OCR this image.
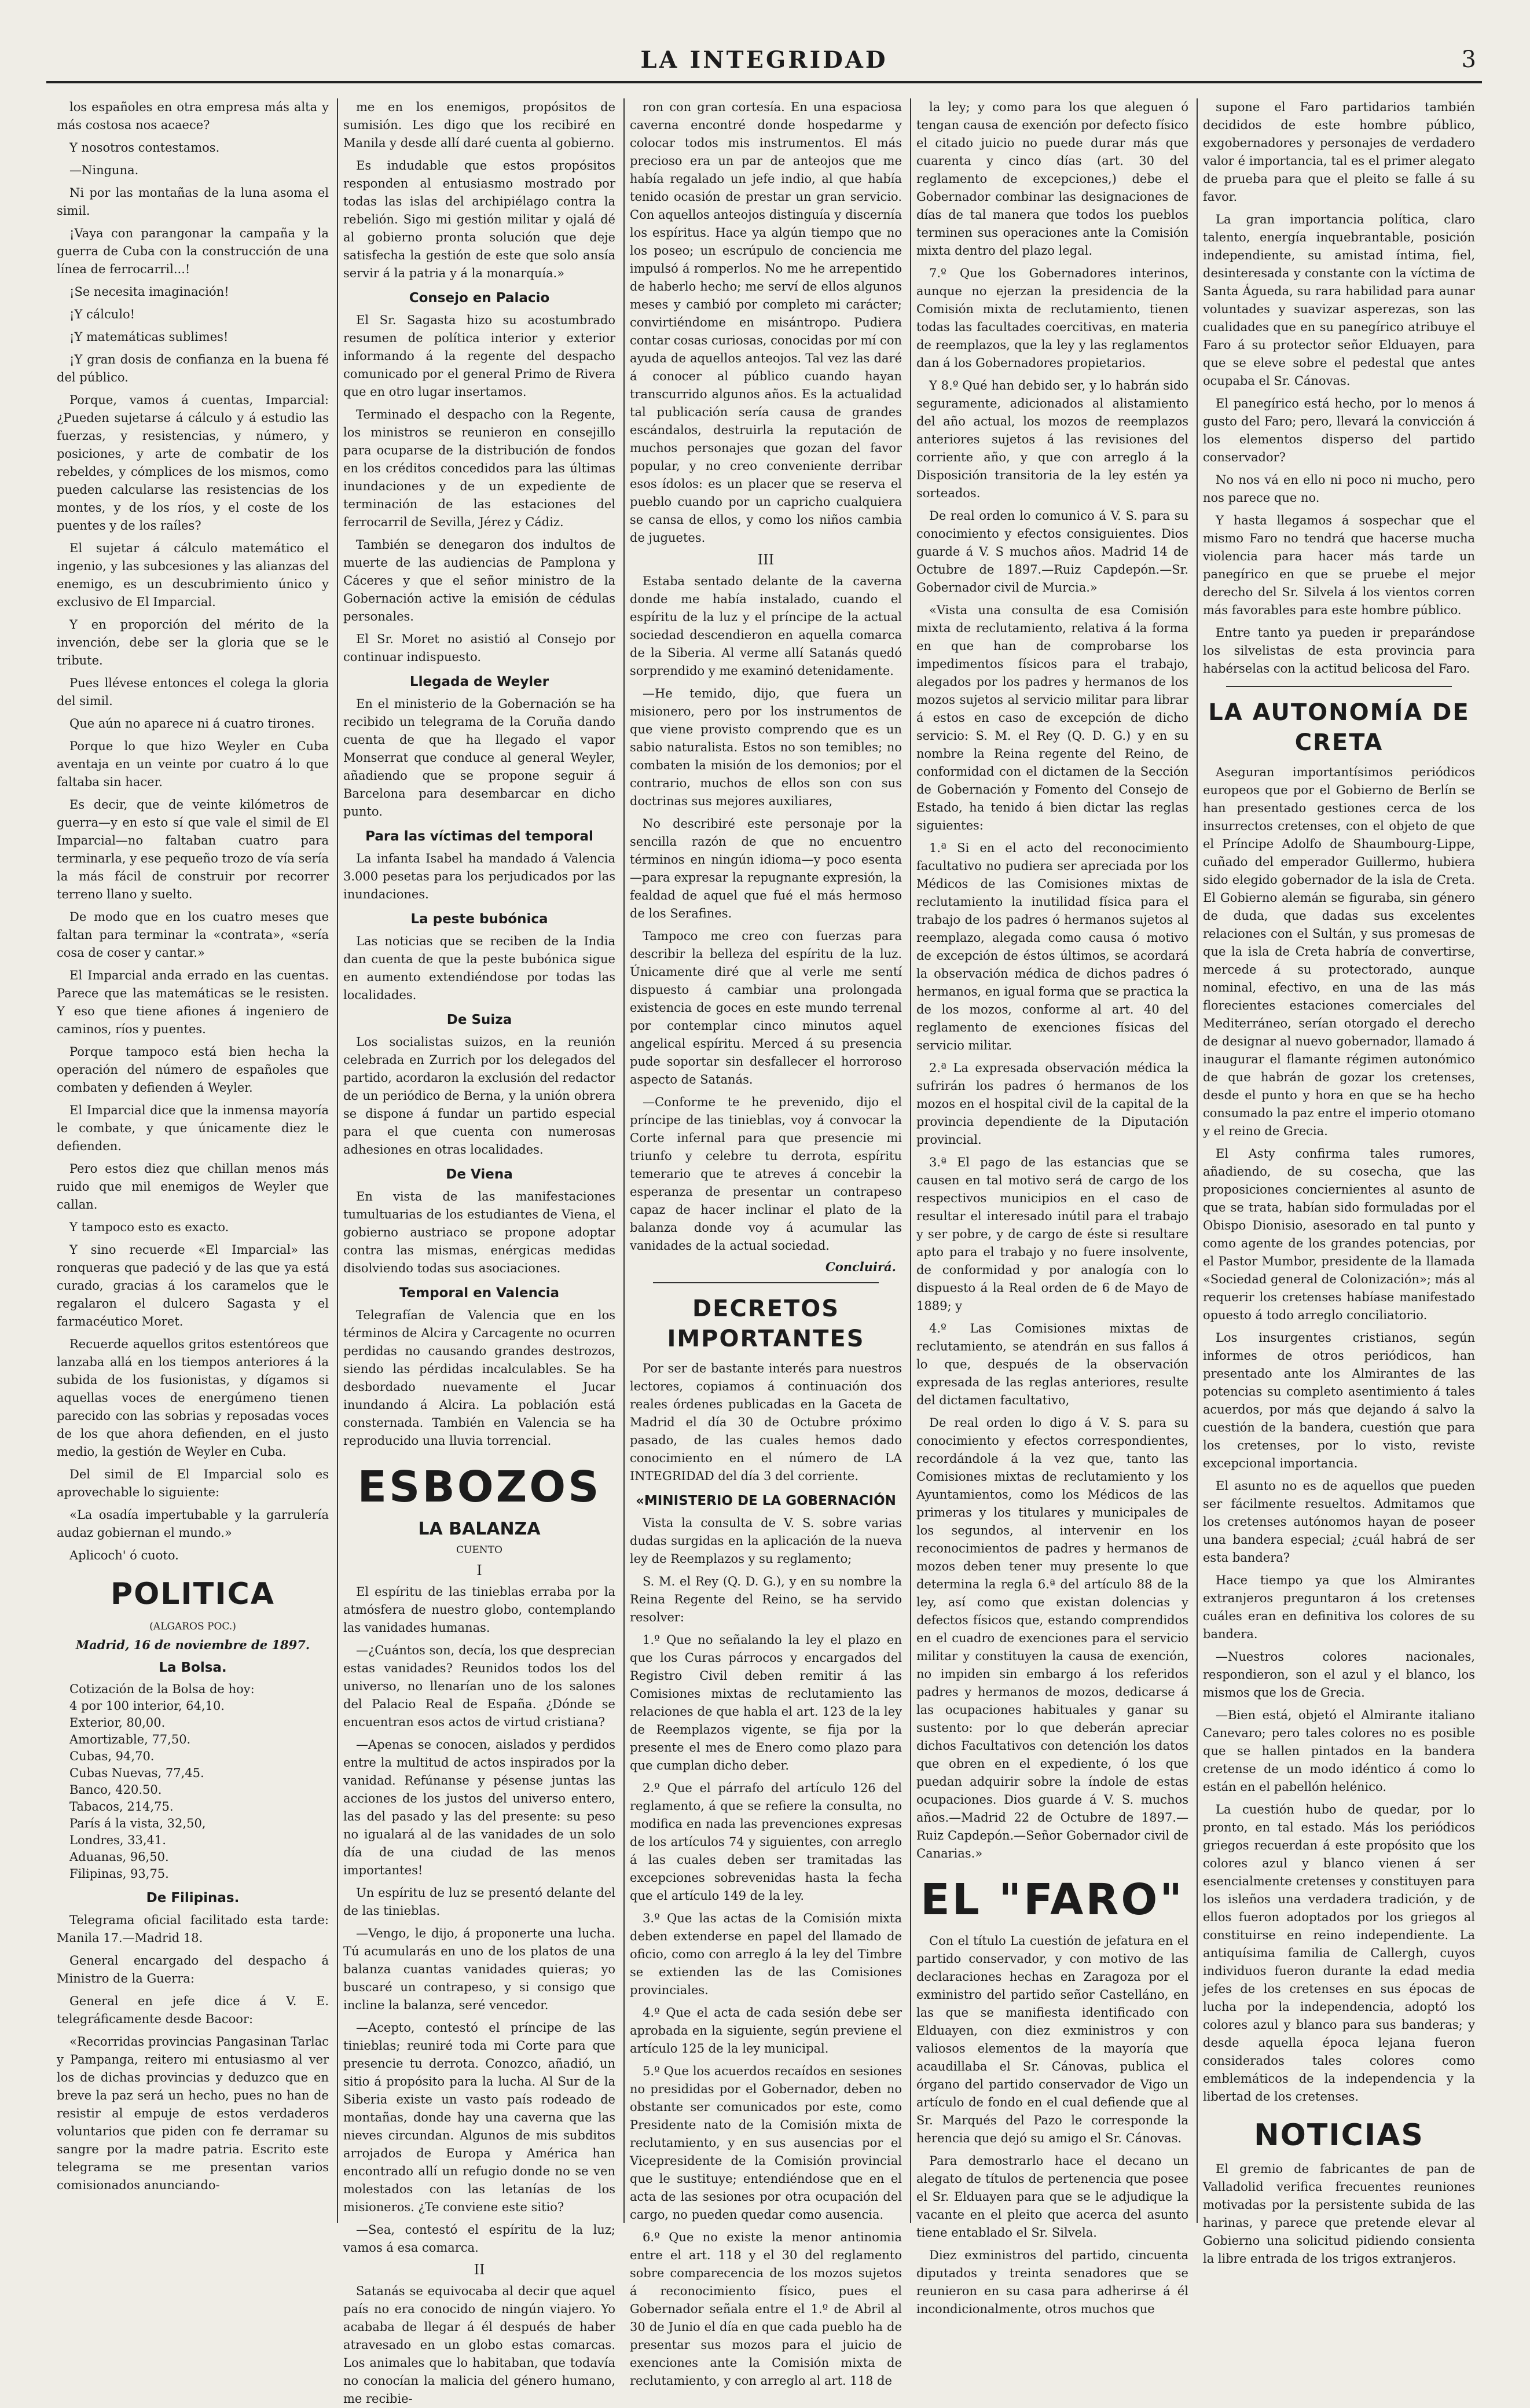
LA INTEGRIDAD	3

los españoles en otra empresa más alta y más costosa nos acaece?

Y nosotros contestamos.

—Ninguna.

Ni por las montañas de la luna asoma el simil.

¡Vaya con parangonar la campaña y la guerra de Cuba con la construcción de una línea de ferrocarril...!

¡Se necesita imaginación!

¡Y cálculo!

¡Y matemáticas sublimes!

¡Y gran dosis de confianza en la buena fé del público.

Porque, vamos á cuentas, Imparcial: ¿Pueden sujetarse á cálculo y á estudio las fuerzas, y resistencias, y número, y posiciones, y arte de combatir de los rebeldes, y cómplices de los mismos, como pueden calcularse las resistencias de los montes, y de los ríos, y el coste de los puentes y de los raíles?

El sujetar á cálculo matemático el ingenio, y las subcesiones y las alianzas del enemigo, es un descubrimiento único y exclusivo de El Imparcial.

Y en proporción del mérito de la invención, debe ser la gloria que se le tribute.

Pues llévese entonces el colega la gloria del simil.

Que aún no aparece ni á cuatro tirones.

Porque lo que hizo Weyler en Cuba aventaja en un veinte por cuatro á lo que faltaba sin hacer.

Es decir, que de veinte kilómetros de guerra—y en esto sí que vale el simil de El Imparcial—no faltaban cuatro para terminarla, y ese pequeño trozo de vía sería la más fácil de construir por recorrer terreno llano y suelto.

De modo que en los cuatro meses que faltan para terminar la «contrata», «sería cosa de coser y cantar.»

El Imparcial anda errado en las cuentas. Parece que las matemáticas se le resisten. Y eso que tiene afiones á ingeniero de caminos, ríos y puentes.

Porque tampoco está bien hecha la operación del número de españoles que combaten y defienden á Weyler.

El Imparcial dice que la inmensa mayoría le combate, y que únicamente diez le defienden.

Pero estos diez que chillan menos más ruido que mil enemigos de Weyler que callan.

Y tampoco esto es exacto.

Y sino recuerde «El Imparcial» las ronqueras que padeció y de las que ya está curado, gracias á los caramelos que le regalaron el dulcero Sagasta y el farmacéutico Moret.

Recuerde aquellos gritos estentóreos que lanzaba allá en los tiempos anteriores á la subida de los fusionistas, y dígamos si aquellas voces de energúmeno tienen parecido con las sobrias y reposadas voces de los que ahora defienden, en el justo medio, la gestión de Weyler en Cuba.

Del simil de El Imparcial solo es aprovechable lo siguiente:

«La osadía impertubable y la garrulería audaz gobiernan el mundo.»

Aplicoch' ó cuoto.

POLITICA
(ALGAROS POC.)
Madrid, 16 de noviembre de 1897.
La Bolsa.
Cotización de la Bolsa de hoy:
4 por 100 interior, 64,10.
Exterior, 80,00.
Amortizable, 77,50.
Cubas, 94,70.
Cubas Nuevas, 77,45.
Banco, 420.50.
Tabacos, 214,75.
París á la vista, 32,50,
Londres, 33,41.
Aduanas, 96,50.
Filipinas, 93,75.
De Filipinas.

Telegrama oficial facilitado esta tarde: Manila 17.—Madrid 18.

General encargado del despacho á Ministro de la Guerra:

General en jefe dice á V. E. telegráficamente desde Bacoor:

«Recorridas provincias Pangasinan Tarlac y Pampanga, reitero mi entusiasmo al ver los de dichas provincias y deduzco que en breve la paz será un hecho, pues no han de resistir al empuje de estos verdaderos voluntarios que piden con fe derramar su sangre por la madre patria. Escrito este telegrama se me presentan varios comisionados anunciando-

me en los enemigos, propósitos de sumisión. Les digo que los recibiré en Manila y desde allí daré cuenta al gobierno.

Es indudable que estos propósitos responden al entusiasmo mostrado por todas las islas del archipiélago contra la rebelión. Sigo mi gestión militar y ojalá dé al gobierno pronta solución que deje satisfecha la gestión de este que solo ansía servir á la patria y á la monarquía.»

Consejo en Palacio

El Sr. Sagasta hizo su acostumbrado resumen de política interior y exterior informando á la regente del despacho comunicado por el general Primo de Rivera que en otro lugar insertamos.

Terminado el despacho con la Regente, los ministros se reunieron en consejillo para ocuparse de la distribución de fondos en los créditos concedidos para las últimas inundaciones y de un expediente de terminación de las estaciones del ferrocarril de Sevilla, Jérez y Cádiz.

También se denegaron dos indultos de muerte de las audiencias de Pamplona y Cáceres y que el señor ministro de la Gobernación active la emisión de cédulas personales.

El Sr. Moret no asistió al Consejo por continuar indispuesto.

Llegada de Weyler

En el ministerio de la Gobernación se ha recibido un telegrama de la Coruña dando cuenta de que ha llegado el vapor Monserrat que conduce al general Weyler, añadiendo que se propone seguir á Barcelona para desembarcar en dicho punto.

Para las víctimas del temporal

La infanta Isabel ha mandado á Valencia 3.000 pesetas para los perjudicados por las inundaciones.

La peste bubónica

Las noticias que se reciben de la India dan cuenta de que la peste bubónica sigue en aumento extendiéndose por todas las localidades.

De Suiza

Los socialistas suizos, en la reunión celebrada en Zurrich por los delegados del partido, acordaron la exclusión del redactor de un periódico de Berna, y la unión obrera se dispone á fundar un partido especial para el que cuenta con numerosas adhesiones en otras localidades.

De Viena

En vista de las manifestaciones tumultuarias de los estudiantes de Viena, el gobierno austriaco se propone adoptar contra las mismas, enérgicas medidas disolviendo todas sus asociaciones.

Temporal en Valencia

Telegrafían de Valencia que en los términos de Alcira y Carcagente no ocurren perdidas no causando grandes destrozos, siendo las pérdidas incalculables. Se ha desbordado nuevamente el Jucar inundando á Alcira. La población está consternada. También en Valencia se ha reproducido una lluvia torrencial.

ESBOZOS
LA BALANZA
CUENTO
I

El espíritu de las tinieblas erraba por la atmósfera de nuestro globo, contemplando las vanidades humanas.

—¿Cuántos son, decía, los que desprecian estas vanidades? Reunidos todos los del universo, no llenarían uno de los salones del Palacio Real de España. ¿Dónde se encuentran esos actos de virtud cristiana?

—Apenas se conocen, aislados y perdidos entre la multitud de actos inspirados por la vanidad. Refúnanse y pésense juntas las acciones de los justos del universo entero, las del pasado y las del presente: su peso no igualará al de las vanidades de un solo día de una ciudad de las menos importantes!

Un espíritu de luz se presentó delante del de las tinieblas.

—Vengo, le dijo, á proponerte una lucha. Tú acumularás en uno de los platos de una balanza cuantas vanidades quieras; yo buscaré un contrapeso, y si consigo que incline la balanza, seré vencedor.

—Acepto, contestó el príncipe de las tinieblas; reuniré toda mi Corte para que presencie tu derrota. Conozco, añadió, un sitio á propósito para la lucha. Al Sur de la Siberia existe un vasto país rodeado de montañas, donde hay una caverna que las nieves circundan. Algunos de mis subditos arrojados de Europa y América han encontrado allí un refugio donde no se ven molestados con las letanías de los misioneros. ¿Te conviene este sitio?

—Sea, contestó el espíritu de la luz; vamos á esa comarca.

II

Satanás se equivocaba al decir que aquel país no era conocido de ningún viajero. Yo acababa de llegar á él después de haber atravesado en un globo estas comarcas. Los animales que lo habitaban, que todavía no conocían la malicia del género humano, me recibie-

ron con gran cortesía. En una espaciosa caverna encontré donde hospedarme y colocar todos mis instrumentos. El más precioso era un par de anteojos que me había regalado un jefe indio, al que había tenido ocasión de prestar un gran servicio. Con aquellos anteojos distinguía y discernía los espíritus. Hace ya algún tiempo que no los poseo; un escrúpulo de conciencia me impulsó á romperlos. No me he arrepentido de haberlo hecho; me serví de ellos algunos meses y cambió por completo mi carácter; convirtiéndome en misántropo. Pudiera contar cosas curiosas, conocidas por mí con ayuda de aquellos anteojos. Tal vez las daré á conocer al público cuando hayan transcurrido algunos años. Es la actualidad tal publicación sería causa de grandes escándalos, destruirla la reputación de muchos personajes que gozan del favor popular, y no creo conveniente derribar esos ídolos: es un placer que se reserva el pueblo cuando por un capricho cualquiera se cansa de ellos, y como los niños cambia de juguetes.

III

Estaba sentado delante de la caverna donde me había instalado, cuando el espíritu de la luz y el príncipe de la actual sociedad descendieron en aquella comarca de la Siberia. Al verme allí Satanás quedó sorprendido y me examinó detenidamente.

—He temido, dijo, que fuera un misionero, pero por los instrumentos de que viene provisto comprendo que es un sabio naturalista. Estos no son temibles; no combaten la misión de los demonios; por el contrario, muchos de ellos son con sus doctrinas sus mejores auxiliares,

No describiré este personaje por la sencilla razón de que no encuentro términos en ningún idioma—y poco esenta—para expresar la repugnante expresión, la fealdad de aquel que fué el más hermoso de los Serafines.

Tampoco me creo con fuerzas para describir la belleza del espíritu de la luz. Únicamente diré que al verle me sentí dispuesto á cambiar una prolongada existencia de goces en este mundo terrenal por contemplar cinco minutos aquel angelical espíritu. Merced á su presencia pude soportar sin desfallecer el horroroso aspecto de Satanás.

—Conforme te he prevenido, dijo el príncipe de las tinieblas, voy á convocar la Corte infernal para que presencie mi triunfo y celebre tu derrota, espíritu temerario que te atreves á concebir la esperanza de presentar un contrapeso capaz de hacer inclinar el plato de la balanza donde voy á acumular las vanidades de la actual sociedad.

Concluirá.
DECRETOS IMPORTANTES

Por ser de bastante interés para nuestros lectores, copiamos á continuación dos reales órdenes publicadas en la Gaceta de Madrid el día 30 de Octubre próximo pasado, de las cuales hemos dado conocimiento en el número de LA INTEGRIDAD del día 3 del corriente.

«MINISTERIO DE LA GOBERNACIÓN

Vista la consulta de V. S. sobre varias dudas surgidas en la aplicación de la nueva ley de Reemplazos y su reglamento;

S. M. el Rey (Q. D. G.), y en su nombre la Reina Regente del Reino, se ha servido resolver:

1.º Que no señalando la ley el plazo en que los Curas párrocos y encargados del Registro Civil deben remitir á las Comisiones mixtas de reclutamiento las relaciones de que habla el art. 123 de la ley de Reemplazos vigente, se fija por la presente el mes de Enero como plazo para que cumplan dicho deber.

2.º Que el párrafo del artículo 126 del reglamento, á que se refiere la consulta, no modifica en nada las prevenciones expresas de los artículos 74 y siguientes, con arreglo á las cuales deben ser tramitadas las excepciones sobrevenidas hasta la fecha que el artículo 149 de la ley.

3.º Que las actas de la Comisión mixta deben extenderse en papel del llamado de oficio, como con arreglo á la ley del Timbre se extienden las de las Comisiones provinciales.

4.º Que el acta de cada sesión debe ser aprobada en la siguiente, según previene el artículo 125 de la ley municipal.

5.º Que los acuerdos recaídos en sesiones no presididas por el Gobernador, deben no obstante ser comunicados por este, como Presidente nato de la Comisión mixta de reclutamiento, y en sus ausencias por el Vicepresidente de la Comisión provincial que le sustituye; entendiéndose que en el acta de las sesiones por otra ocupación del cargo, no pueden quedar como ausencia.

6.º Que no existe la menor antinomia entre el art. 118 y el 30 del reglamento sobre comparecencia de los mozos sujetos á reconocimiento físico, pues el Gobernador señala entre el 1.º de Abril al 30 de Junio el día en que cada pueblo ha de presentar sus mozos para el juicio de exenciones ante la Comisión mixta de reclutamiento, y con arreglo al art. 118 de

la ley; y como para los que aleguen ó tengan causa de exención por defecto físico el citado juicio no puede durar más que cuarenta y cinco días (art. 30 del reglamento de excepciones,) debe el Gobernador combinar las designaciones de días de tal manera que todos los pueblos terminen sus operaciones ante la Comisión mixta dentro del plazo legal.

7.º Que los Gobernadores interinos, aunque no ejerzan la presidencia de la Comisión mixta de reclutamiento, tienen todas las facultades coercitivas, en materia de reemplazos, que la ley y las reglamentos dan á los Gobernadores propietarios.

Y 8.º Qué han debido ser, y lo habrán sido seguramente, adicionados al alistamiento del año actual, los mozos de reemplazos anteriores sujetos á las revisiones del corriente año, y que con arreglo á la Disposición transitoria de la ley estén ya sorteados.

De real orden lo comunico á V. S. para su conocimiento y efectos consiguientes. Dios guarde á V. S muchos años. Madrid 14 de Octubre de 1897.—Ruiz Capdepón.—Sr. Gobernador civil de Murcia.»

«Vista una consulta de esa Comisión mixta de reclutamiento, relativa á la forma en que han de comprobarse los impedimentos físicos para el trabajo, alegados por los padres y hermanos de los mozos sujetos al servicio militar para librar á estos en caso de excepción de dicho servicio: S. M. el Rey (Q. D. G.) y en su nombre la Reina regente del Reino, de conformidad con el dictamen de la Sección de Gobernación y Fomento del Consejo de Estado, ha tenido á bien dictar las reglas siguientes:

1.ª Si en el acto del reconocimiento facultativo no pudiera ser apreciada por los Médicos de las Comisiones mixtas de reclutamiento la inutilidad física para el trabajo de los padres ó hermanos sujetos al reemplazo, alegada como causa ó motivo de excepción de éstos últimos, se acordará la observación médica de dichos padres ó hermanos, en igual forma que se practica la de los mozos, conforme al art. 40 del reglamento de exenciones físicas del servicio militar.

2.ª La expresada observación médica la sufrirán los padres ó hermanos de los mozos en el hospital civil de la capital de la provincia dependiente de la Diputación provincial.

3.ª El pago de las estancias que se causen en tal motivo será de cargo de los respectivos municipios en el caso de resultar el interesado inútil para el trabajo y ser pobre, y de cargo de éste si resultare apto para el trabajo y no fuere insolvente, de conformidad y por analogía con lo dispuesto á la Real orden de 6 de Mayo de 1889; y

4.º Las Comisiones mixtas de reclutamiento, se atendrán en sus fallos á lo que, después de la observación expresada de las reglas anteriores, resulte del dictamen facultativo,

De real orden lo digo á V. S. para su conocimiento y efectos correspondientes, recordándole á la vez que, tanto las Comisiones mixtas de reclutamiento y los Ayuntamientos, como los Médicos de las primeras y los titulares y municipales de los segundos, al intervenir en los reconocimientos de padres y hermanos de mozos deben tener muy presente lo que determina la regla 6.ª del artículo 88 de la ley, así como que existan dolencias y defectos físicos que, estando comprendidos en el cuadro de exenciones para el servicio militar y constituyen la causa de exención, no impiden sin embargo á los referidos padres y hermanos de mozos, dedicarse á las ocupaciones habituales y ganar su sustento: por lo que deberán apreciar dichos Facultativos con detención los datos que obren en el expediente, ó los que puedan adquirir sobre la índole de estas ocupaciones. Dios guarde á V. S. muchos años.—Madrid 22 de Octubre de 1897.—Ruiz Capdepón.—Señor Gobernador civil de Canarias.»

EL "FARO"

Con el título La cuestión de jefatura en el partido conservador, y con motivo de las declaraciones hechas en Zaragoza por el exministro del partido señor Castelláno, en las que se manifiesta identificado con Elduayen, con diez exministros y con valiosos elementos de la mayoría que acaudillaba el Sr. Cánovas, publica el órgano del partido conservador de Vigo un artículo de fondo en el cual defiende que al Sr. Marqués del Pazo le corresponde la herencia que dejó su amigo el Sr. Cánovas.

Para demostrarlo hace el decano un alegato de títulos de pertenencia que posee el Sr. Elduayen para que se le adjudique la vacante en el pleito que acerca del asunto tiene entablado el Sr. Silvela.

Diez exministros del partido, cincuenta diputados y treinta senadores que se reunieron en su casa para adherirse á él incondicionalmente, otros muchos que

supone el Faro partidarios también decididos de este hombre público, exgobernadores y personajes de verdadero valor é importancia, tal es el primer alegato de prueba para que el pleito se falle á su favor.

La gran importancia política, claro talento, energía inquebrantable, posición independiente, su amistad íntima, fiel, desinteresada y constante con la víctima de Santa Águeda, su rara habilidad para aunar voluntades y suavizar asperezas, son las cualidades que en su panegírico atribuye el Faro á su protector señor Elduayen, para que se eleve sobre el pedestal que antes ocupaba el Sr. Cánovas.

El panegírico está hecho, por lo menos á gusto del Faro; pero, llevará la convicción á los elementos disperso del partido conservador?

No nos vá en ello ni poco ni mucho, pero nos parece que no.

Y hasta llegamos á sospechar que el mismo Faro no tendrá que hacerse mucha violencia para hacer más tarde un panegírico en que se pruebe el mejor derecho del Sr. Silvela á los vientos corren más favorables para este hombre público.

Entre tanto ya pueden ir preparándose los silvelistas de esta provincia para habérselas con la actitud belicosa del Faro.

LA AUTONOMÍA DE CRETA

Aseguran importantísimos periódicos europeos que por el Gobierno de Berlín se han presentado gestiones cerca de los insurrectos cretenses, con el objeto de que el Príncipe Adolfo de Shaumbourg-Lippe, cuñado del emperador Guillermo, hubiera sido elegido gobernador de la isla de Creta. El Gobierno alemán se figuraba, sin género de duda, que dadas sus excelentes relaciones con el Sultán, y sus promesas de que la isla de Creta habría de convertirse, mercede á su protectorado, aunque nominal, efectivo, en una de las más florecientes estaciones comerciales del Mediterráneo, serían otorgado el derecho de designar al nuevo gobernador, llamado á inaugurar el flamante régimen autonómico de que habrán de gozar los cretenses, desde el punto y hora en que se ha hecho consumado la paz entre el imperio otomano y el reino de Grecia.

El Asty confirma tales rumores, añadiendo, de su cosecha, que las proposiciones conciernientes al asunto de que se trata, habían sido formuladas por el Obispo Dionisio, asesorado en tal punto y como agente de los grandes potencias, por el Pastor Mumbor, presidente de la llamada «Sociedad general de Colonización»; más al requerir los cretenses habíase manifestado opuesto á todo arreglo conciliatorio.

Los insurgentes cristianos, según informes de otros periódicos, han presentado ante los Almirantes de las potencias su completo asentimiento á tales acuerdos, por más que dejando á salvo la cuestión de la bandera, cuestión que para los cretenses, por lo visto, reviste excepcional importancia.

El asunto no es de aquellos que pueden ser fácilmente resueltos. Admitamos que los cretenses autónomos hayan de poseer una bandera especial; ¿cuál habrá de ser esta bandera?

Hace tiempo ya que los Almirantes extranjeros preguntaron á los cretenses cuáles eran en definitiva los colores de su bandera.

—Nuestros colores nacionales, respondieron, son el azul y el blanco, los mismos que los de Grecia.

—Bien está, objetó el Almirante italiano Canevaro; pero tales colores no es posible que se hallen pintados en la bandera cretense de un modo idéntico á como lo están en el pabellón helénico.

La cuestión hubo de quedar, por lo pronto, en tal estado. Más los periódicos griegos recuerdan á este propósito que los colores azul y blanco vienen á ser esencialmente cretenses y constituyen para los isleños una verdadera tradición, y de ellos fueron adoptados por los griegos al constituirse en reino independiente. La antiquísima familia de Callergh, cuyos individuos fueron durante la edad media jefes de los cretenses en sus épocas de lucha por la independencia, adoptó los colores azul y blanco para sus banderas; y desde aquella época lejana fueron considerados tales colores como emblemáticos de la independencia y la libertad de los cretenses.

NOTICIAS

El gremio de fabricantes de pan de Valladolid verifica frecuentes reuniones motivadas por la persistente subida de las harinas, y parece que pretende elevar al Gobierno una solicitud pidiendo consienta la libre entrada de los trigos extranjeros.
